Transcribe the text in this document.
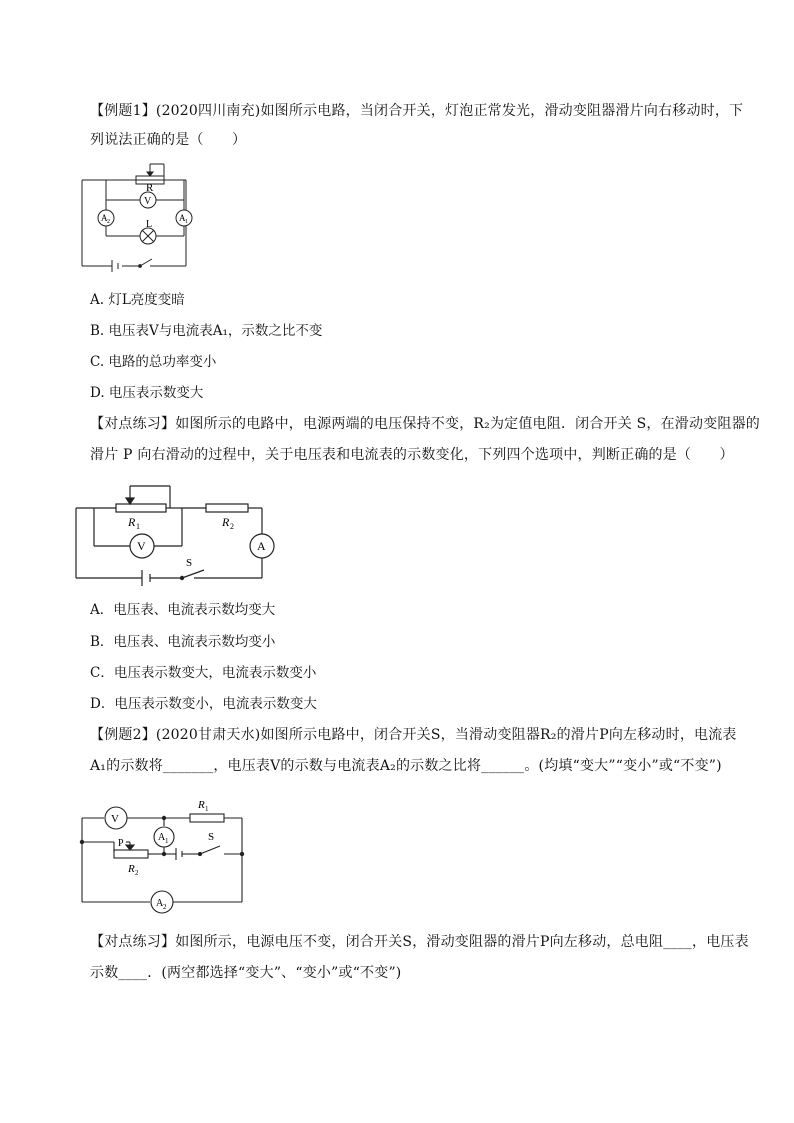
【例题1】(2020四川南充)如图所示电路，当闭合开关，灯泡正常发光，滑动变阻器滑片向右移动时，下
列说法正确的是（　　）
R
V
L
A 2	A 1
A. 灯L亮度变暗
B. 电压表V与电流表A₁，示数之比不变
C. 电路的总功率变小
D. 电压表示数变大
【对点练习】如图所示的电路中，电源两端的电压保持不变，R₂为定值电阻．闭合开关 S，在滑动变阻器的
滑片 P 向右滑动的过程中，关于电压表和电流表的示数变化，下列四个选项中，判断正确的是（　　）
R 1	R 2
V	A
S
A．电压表、电流表示数均变大
B．电压表、电流表示数均变小
C．电压表示数变大，电流表示数变小
D．电压表示数变小，电流表示数变大
【例题2】(2020甘肃天水)如图所示电路中，闭合开关S，当滑动变阻器R₂的滑片P向左移动时，电流表
A₁的示数将_______，电压表V的示数与电流表A₂的示数之比将______。(均填“变大”“变小”或“不变”)
V
R 1
A 1	S
P
R 2
A 2
【对点练习】如图所示，电源电压不变，闭合开关S，滑动变阻器的滑片P向左移动，总电阻____，电压表
示数____．(两空都选择“变大”、“变小”或“不变”)
